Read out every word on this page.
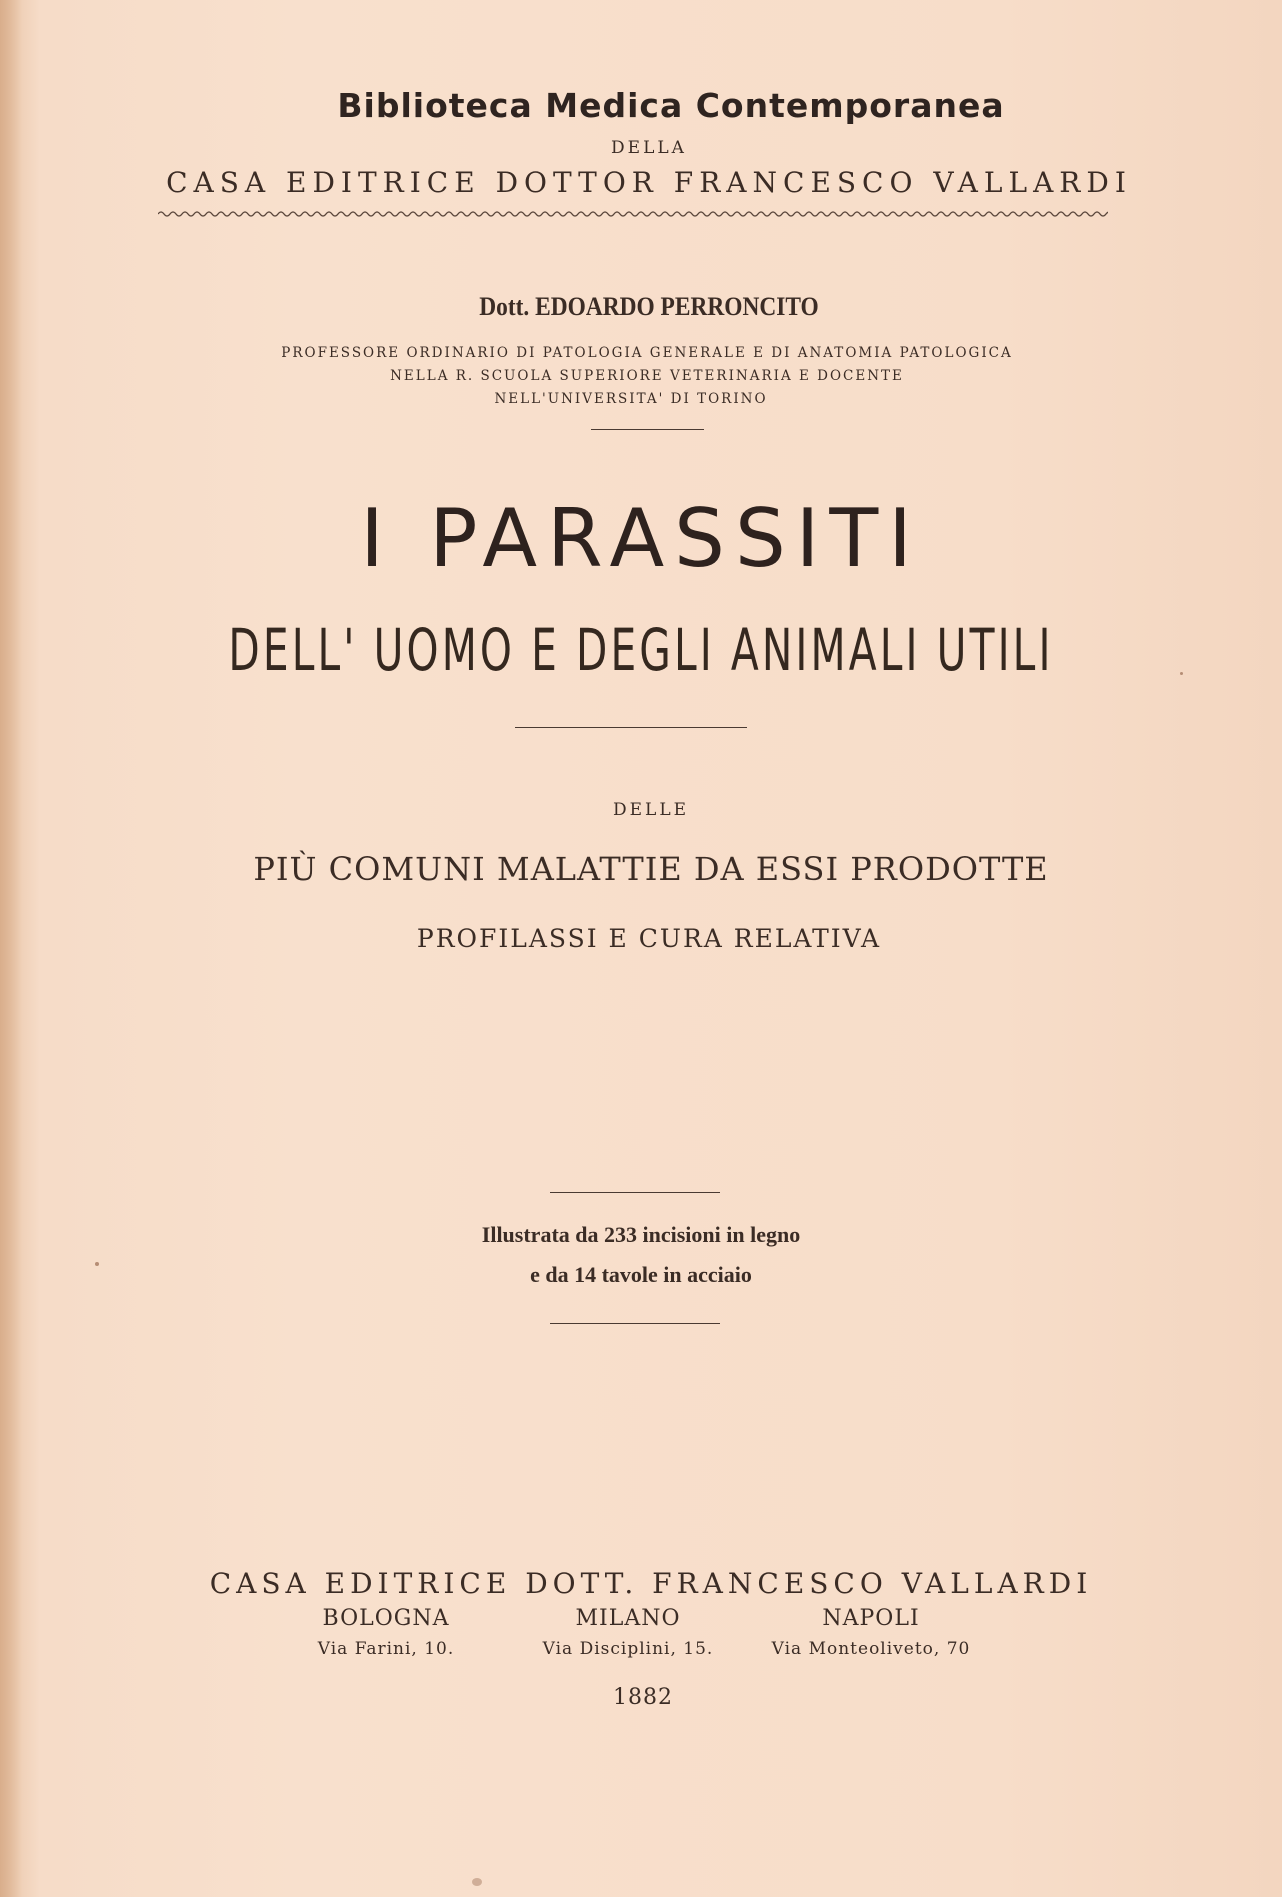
Biblioteca Medica Contemporanea
DELLA
CASA EDITRICE DOTTOR FRANCESCO VALLARDI
Dott. EDOARDO PERRONCITO
PROFESSORE ORDINARIO DI PATOLOGIA GENERALE E DI ANATOMIA PATOLOGICA
NELLA R. SCUOLA SUPERIORE VETERINARIA E DOCENTE
NELL'UNIVERSITA' DI TORINO
I PARASSITI
DELL' UOMO E DEGLI ANIMALI UTILI
DELLE
PIÙ COMUNI MALATTIE DA ESSI PRODOTTE
PROFILASSI E CURA RELATIVA
Illustrata da 233 incisioni in legno
e da 14 tavole in acciaio
CASA EDITRICE DOTT. FRANCESCO VALLARDI
BOLOGNA
Via Farini, 10.
MILANO
Via Disciplini, 15.
NAPOLI
Via Monteoliveto, 70
1882
